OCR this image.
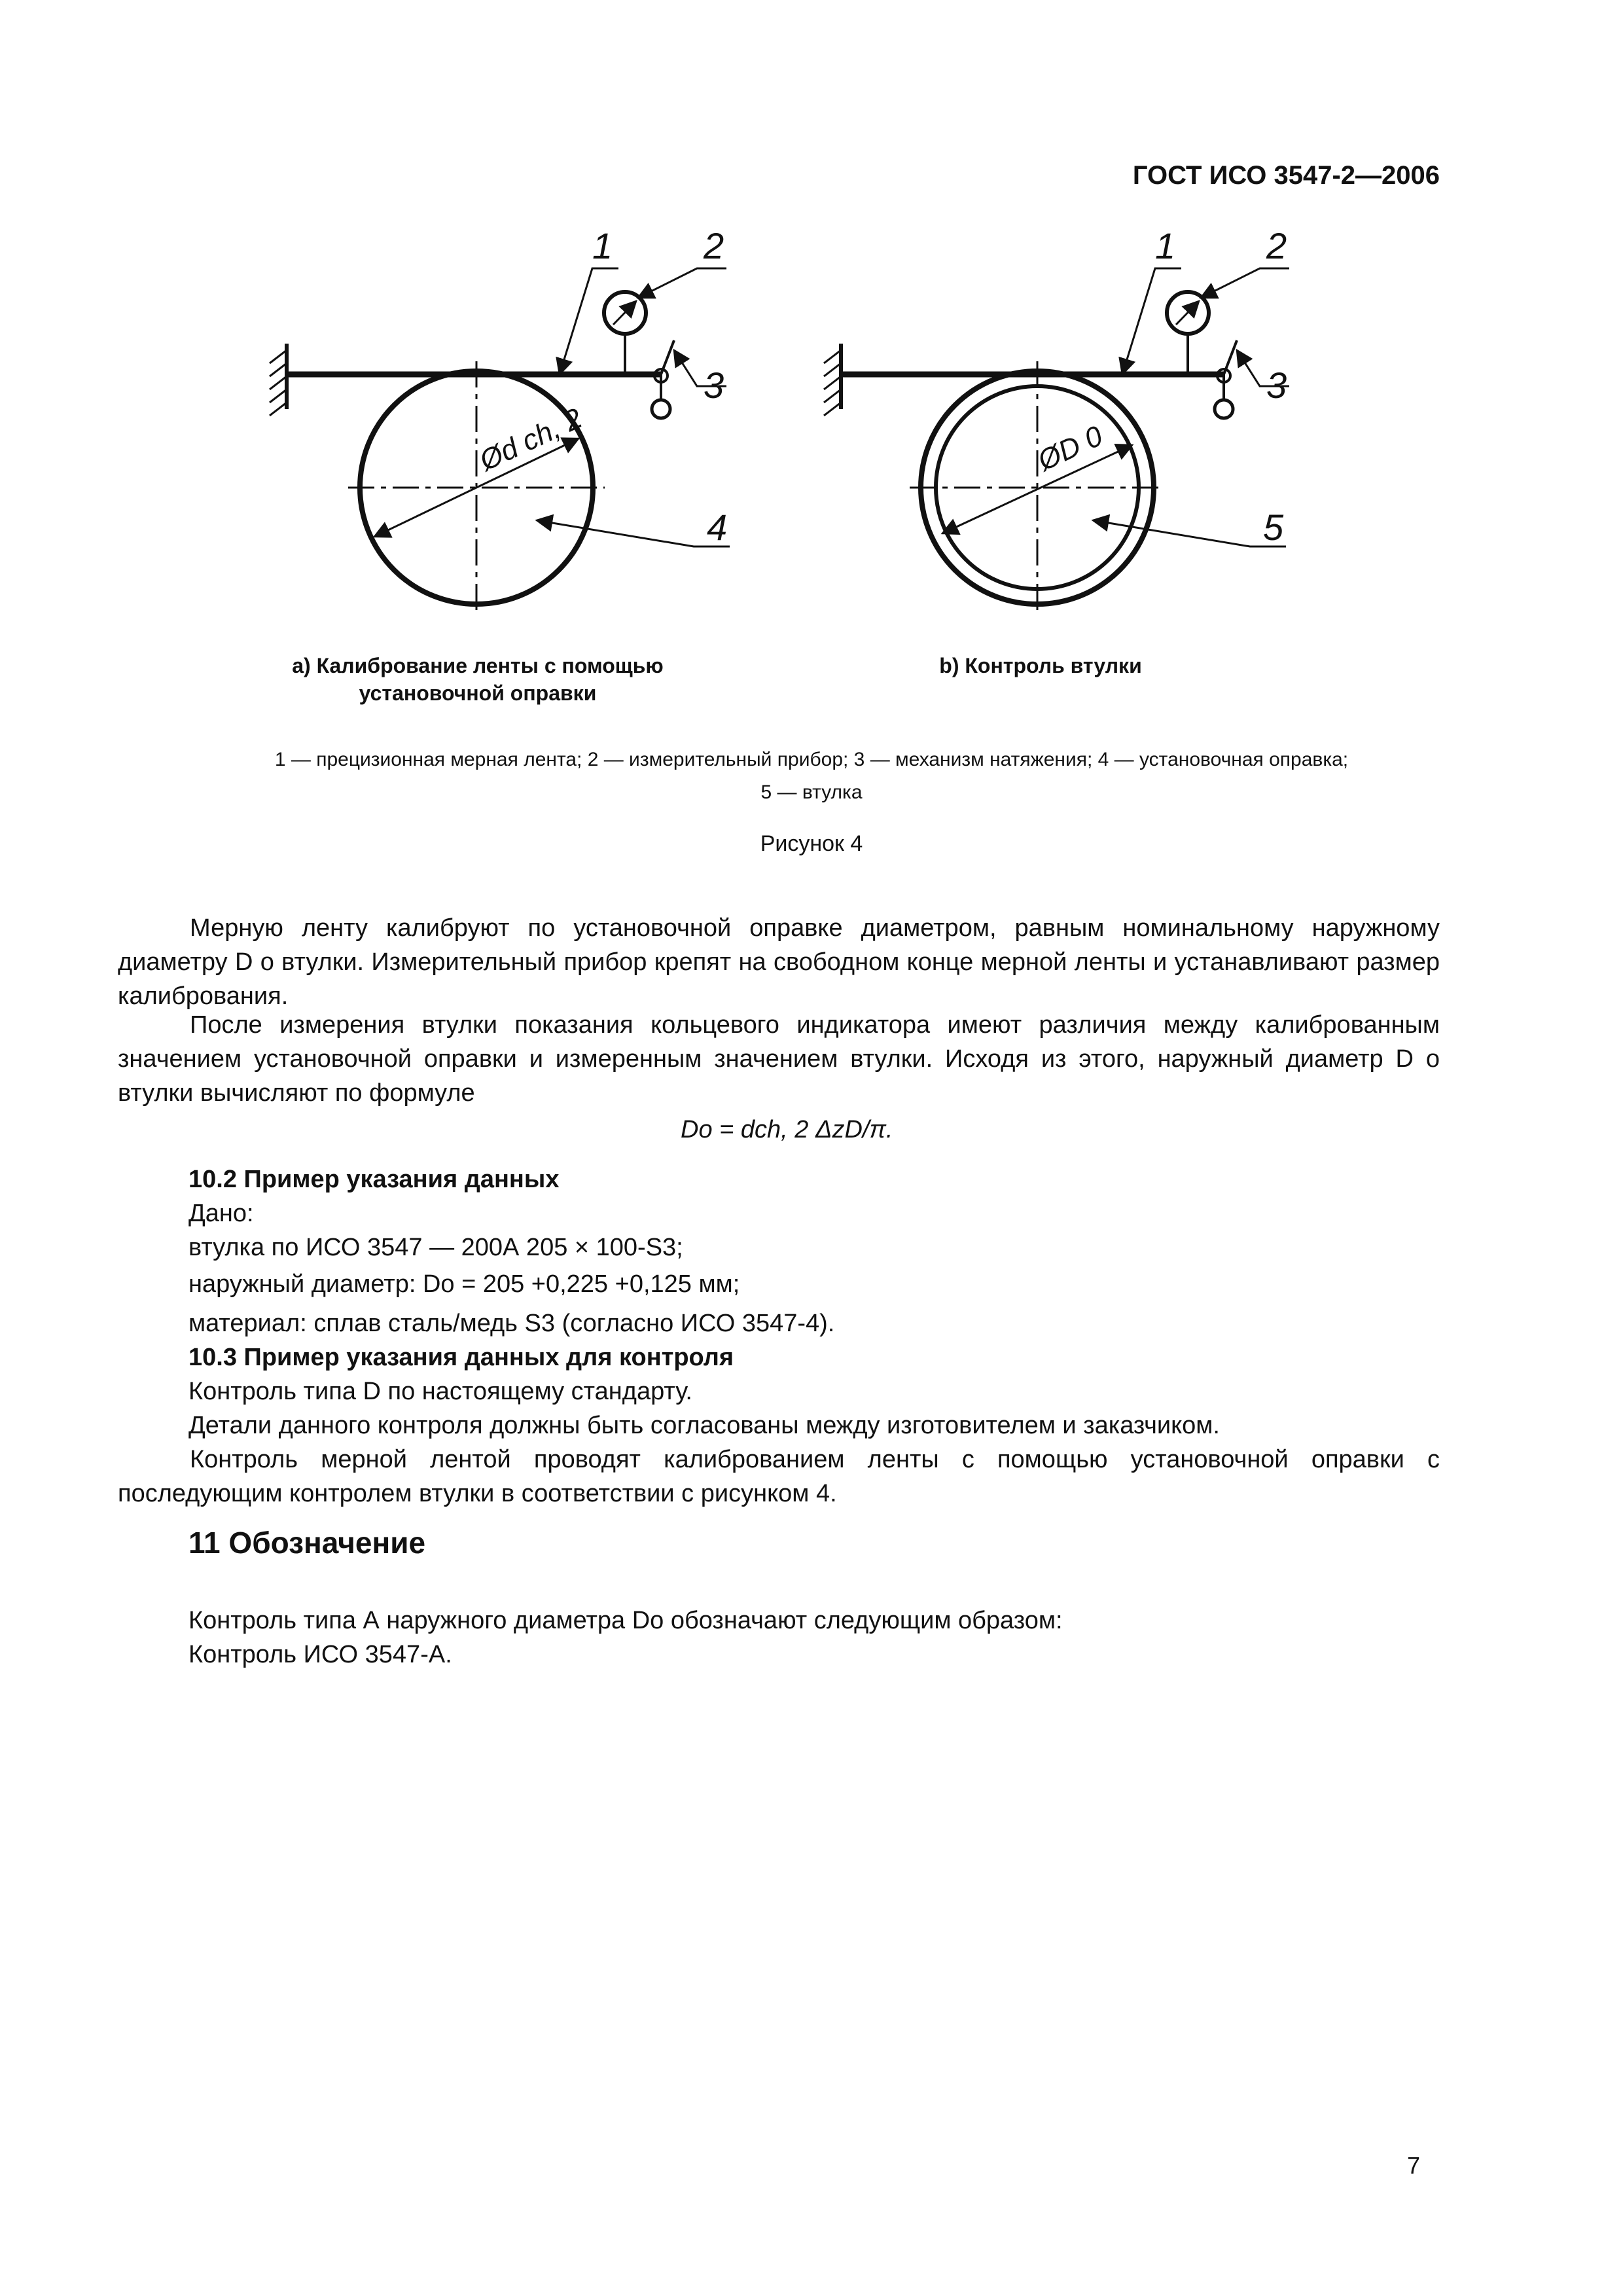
ГОСТ ИСО 3547-2—2006
1 2
3
4
Ød ch, 2
1 2
3
5
ØD 0
a) Калибрование ленты с помощью
установочной оправки
b) Контроль втулки
1 — прецизионная мерная лента; 2 — измерительный прибор; 3 — механизм натяжения; 4 — установочная оправка;
5 — втулка
Рисунок 4
Мерную ленту калибруют по установочной оправке диаметром, равным номинальному наружному диаметру D o втулки. Измерительный прибор крепят на свободном конце мерной ленты и устанавливают размер калибрования.
После измерения втулки показания кольцевого индикатора имеют различия между калиброванным значением установочной оправки и измеренным значением втулки. Исходя из этого, наружный диаметр D o втулки вычисляют по формуле
Do = dch, 2 ΔzD/π.
10.2 Пример указания данных
Дано:
втулка по ИСО 3547 — 200А 205 × 100-S3;
наружный диаметр: Do = 205 +0,225 +0,125 мм;
материал: сплав сталь/медь S3 (согласно ИСО 3547-4).
10.3 Пример указания данных для контроля
Контроль типа D по настоящему стандарту.
Детали данного контроля должны быть согласованы между изготовителем и заказчиком.
Контроль мерной лентой проводят калиброванием ленты с помощью установочной оправки с последующим контролем втулки в соответствии с рисунком 4.
11 Обозначение
Контроль типа А наружного диаметра Do обозначают следующим образом:
Контроль ИСО 3547-А.
7
